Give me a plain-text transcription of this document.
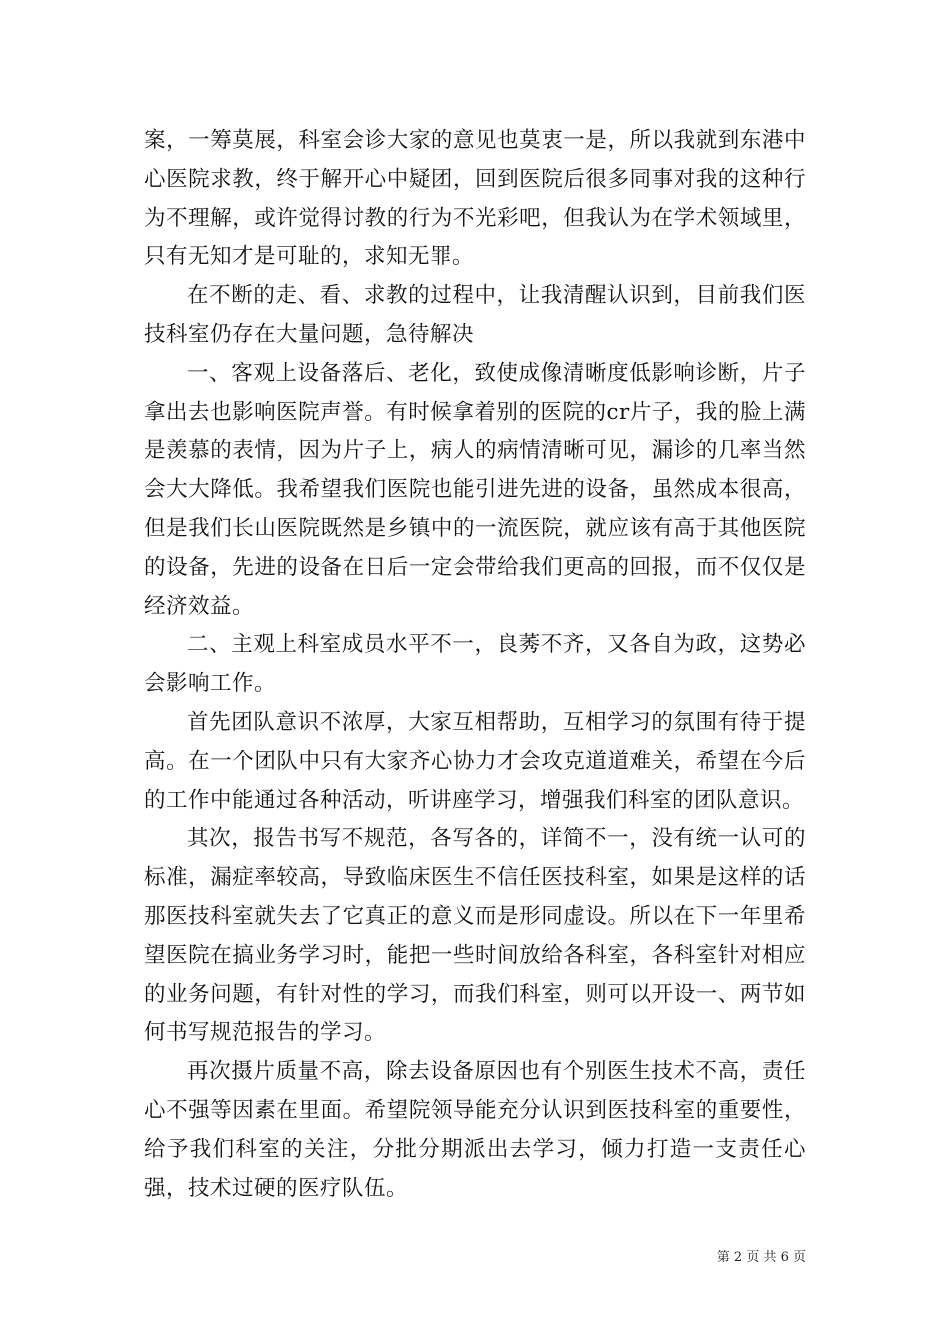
案，一筹莫展，科室会诊大家的意见也莫衷一是，所以我就到东港中心医院求教，终于解开心中疑团，回到医院后很多同事对我的这种行为不理解，或许觉得讨教的行为不光彩吧，但我认为在学术领域里，只有无知才是可耻的，求知无罪。

在不断的走、看、求教的过程中，让我清醒认识到，目前我们医技科室仍存在大量问题，急待解决

一、客观上设备落后、老化，致使成像清晰度低影响诊断，片子拿出去也影响医院声誉。有时候拿着别的医院的cr片子，我的脸上满是羡慕的表情，因为片子上，病人的病情清晰可见，漏诊的几率当然会大大降低。我希望我们医院也能引进先进的设备，虽然成本很高，但是我们长山医院既然是乡镇中的一流医院，就应该有高于其他医院的设备，先进的设备在日后一定会带给我们更高的回报，而不仅仅是经济效益。

二、主观上科室成员水平不一，良莠不齐，又各自为政，这势必会影响工作。

首先团队意识不浓厚，大家互相帮助，互相学习的氛围有待于提高。在一个团队中只有大家齐心协力才会攻克道道难关，希望在今后的工作中能通过各种活动，听讲座学习，增强我们科室的团队意识。

其次，报告书写不规范，各写各的，详简不一，没有统一认可的标准，漏症率较高，导致临床医生不信任医技科室，如果是这样的话那医技科室就失去了它真正的意义而是形同虚设。所以在下一年里希望医院在搞业务学习时，能把一些时间放给各科室，各科室针对相应的业务问题，有针对性的学习，而我们科室，则可以开设一、两节如何书写规范报告的学习。

再次摄片质量不高，除去设备原因也有个别医生技术不高，责任心不强等因素在里面。希望院领导能充分认识到医技科室的重要性，给予我们科室的关注，分批分期派出去学习，倾力打造一支责任心强，技术过硬的医疗队伍。

第 2 页 共 6 页
